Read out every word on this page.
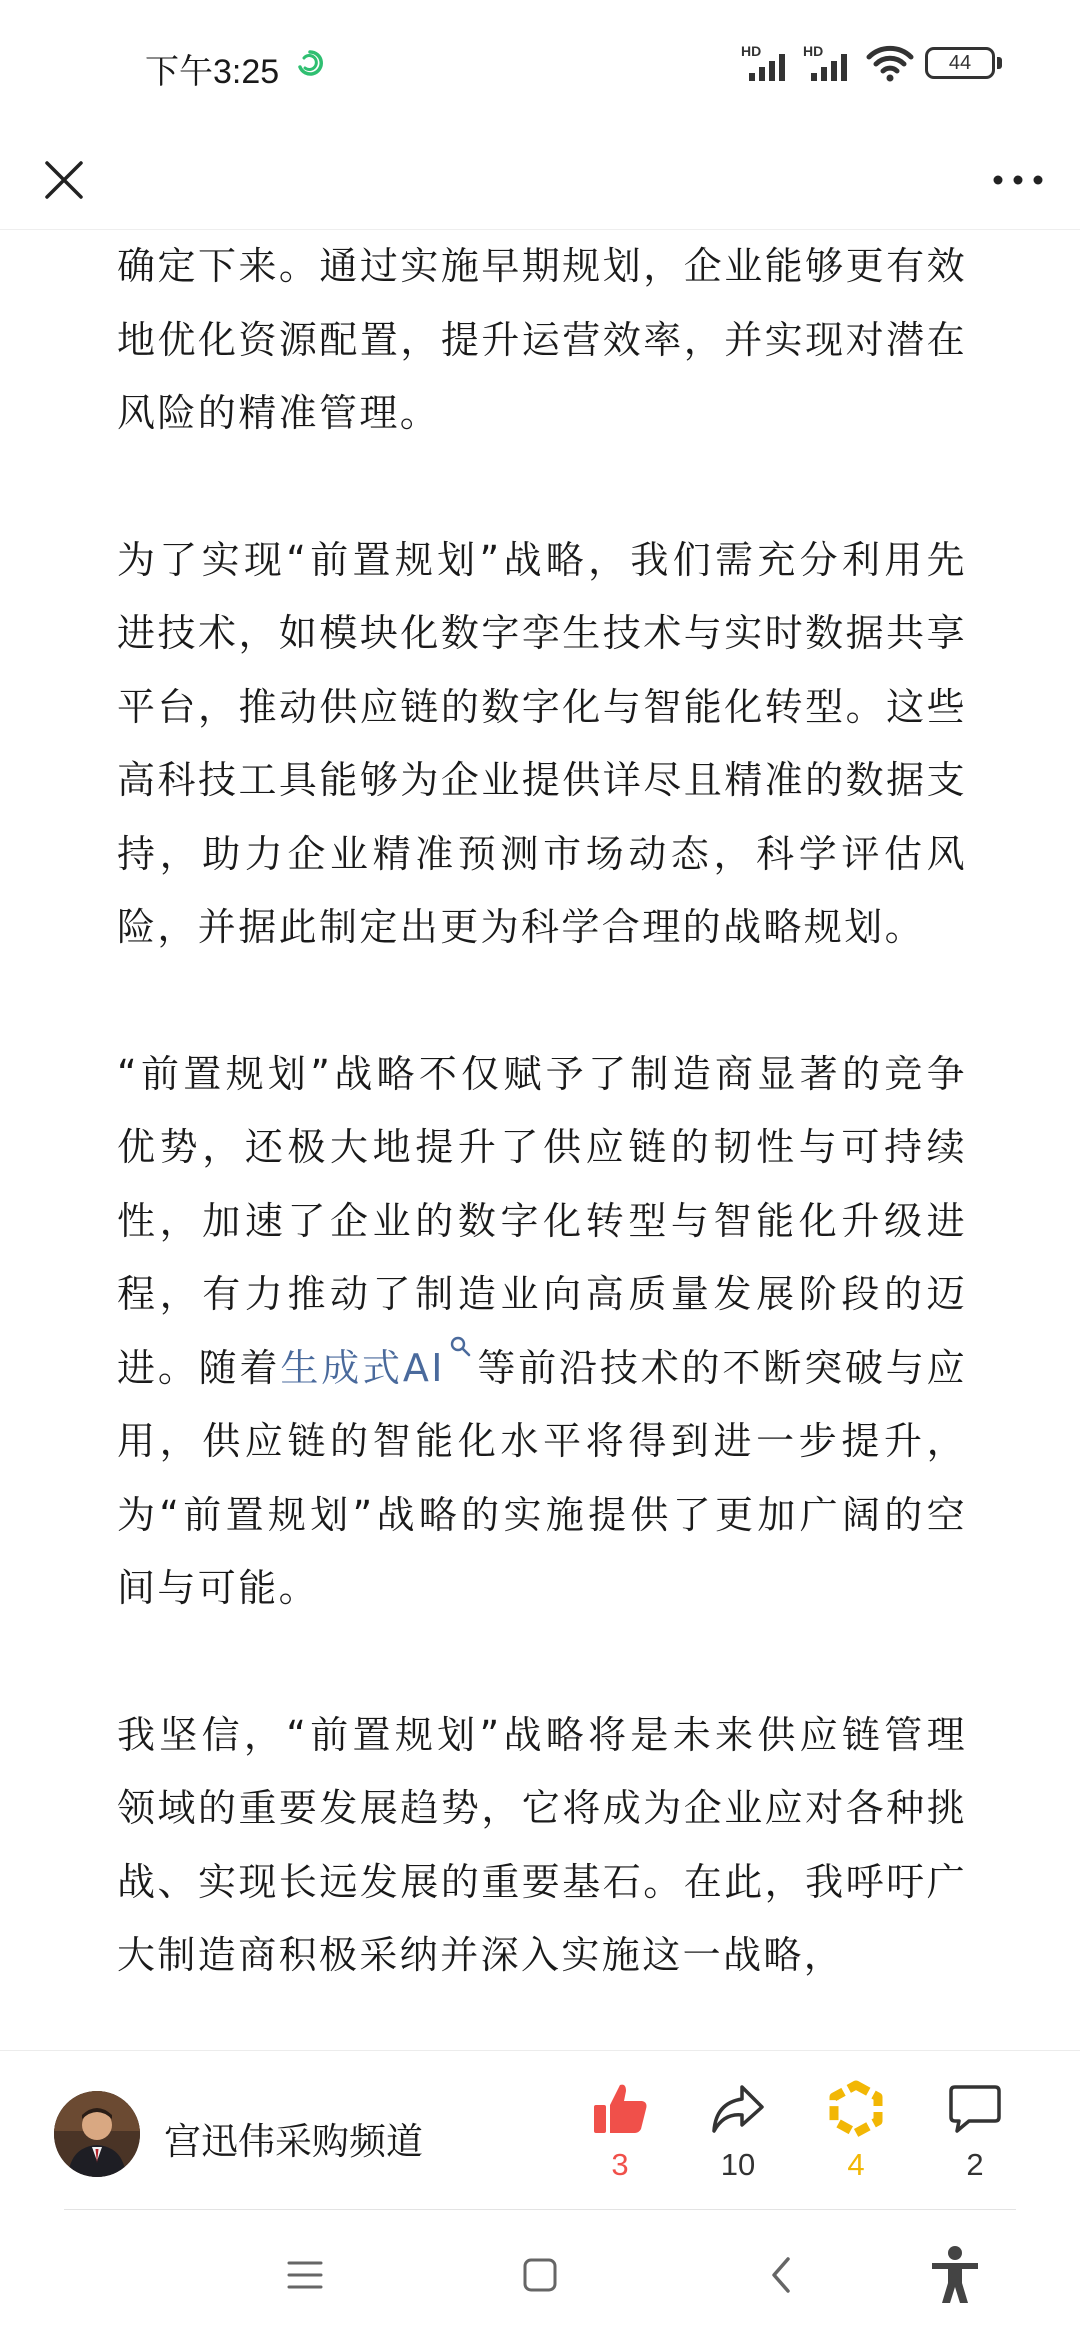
下午3:25
HD	HD
44

确定下来。通过实施早期规划，企业能够更有效地优化资源配置，提升运营效率，并实现对潜在风险的精准管理。

为了实现“前置规划”战略，我们需充分利用先进技术，如模块化数字孪生技术与实时数据共享平台，推动供应链的数字化与智能化转型。这些高科技工具能够为企业提供详尽且精准的数据支持，助力企业精准预测市场动态，科学评估风险，并据此制定出更为科学合理的战略规划。

“前置规划”战略不仅赋予了制造商显著的竞争优势，还极大地提升了供应链的韧性与可持续性，加速了企业的数字化转型与智能化升级进程，有力推动了制造业向高质量发展阶段的迈进。随着生成式AI 等前沿技术的不断突破与应用，供应链的智能化水平将得到进一步提升，为“前置规划”战略的实施提供了更加广阔的空间与可能。

我坚信，“前置规划”战略将是未来供应链管理领域的重要发展趋势，它将成为企业应对各种挑战、实现长远发展的重要基石。在此，我呼吁广大制造商积极采纳并深入实施这一战略，

宫迅伟采购频道
3	10	4	2
